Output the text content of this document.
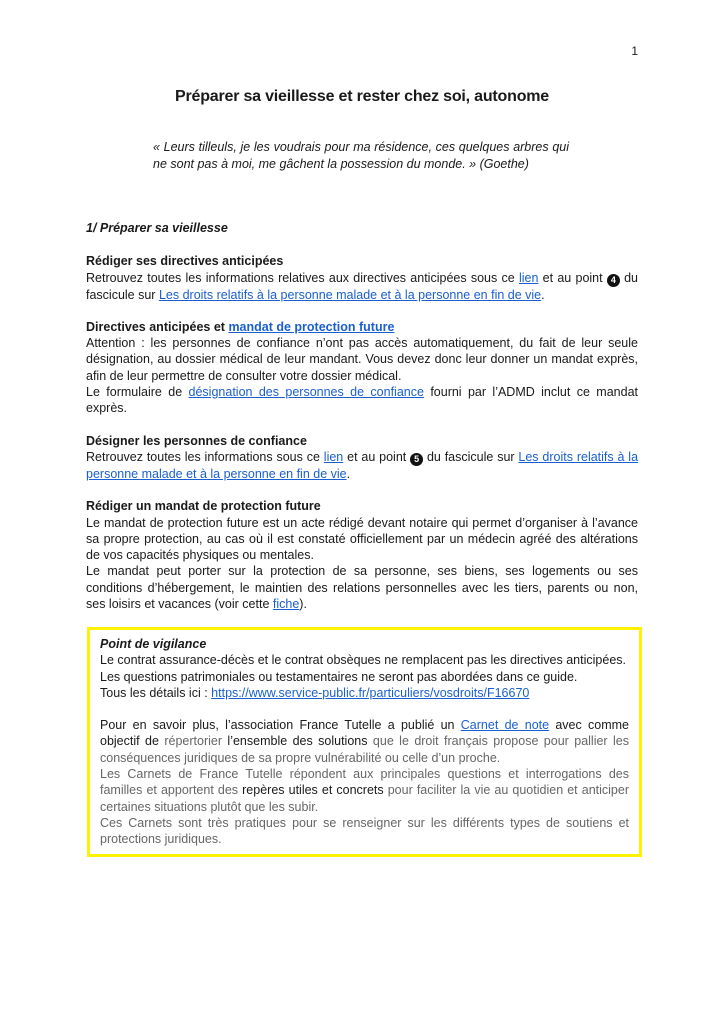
1
Préparer sa vieillesse et rester chez soi, autonome
« Leurs tilleuls, je les voudrais pour ma résidence, ces quelques arbres qui ne sont pas à moi, me gâchent la possession du monde. » (Goethe)

1/ Préparer sa vieillesse

Rédiger ses directives anticipées

Retrouvez toutes les informations relatives aux directives anticipées sous ce lien et au point 4 du fascicule sur Les droits relatifs à la personne malade et à la personne en fin de vie.

Directives anticipées et mandat de protection future

Attention : les personnes de confiance n’ont pas accès automatiquement, du fait de leur seule désignation, au dossier médical de leur mandant. Vous devez donc leur donner un mandat exprès, afin de leur permettre de consulter votre dossier médical.

Le formulaire de désignation des personnes de confiance fourni par l’ADMD inclut ce mandat exprès.

Désigner les personnes de confiance

Retrouvez toutes les informations sous ce lien et au point 5 du fascicule sur Les droits relatifs à la personne malade et à la personne en fin de vie.

Rédiger un mandat de protection future

Le mandat de protection future est un acte rédigé devant notaire qui permet d’organiser à l’avance sa propre protection, au cas où il est constaté officiellement par un médecin agréé des altérations de vos capacités physiques ou mentales.

Le mandat peut porter sur la protection de sa personne, ses biens, ses logements ou ses conditions d’hébergement, le maintien des relations personnelles avec les tiers, parents ou non, ses loisirs et vacances (voir cette fiche).

Point de vigilance

Le contrat assurance-décès et le contrat obsèques ne remplacent pas les directives anticipées.

Les questions patrimoniales ou testamentaires ne seront pas abordées dans ce guide.

Tous les détails ici : https://www.service-public.fr/particuliers/vosdroits/F16670

Pour en savoir plus, l’association France Tutelle a publié un Carnet de note avec comme objectif de répertorier l’ensemble des solutions que le droit français propose pour pallier les conséquences juridiques de sa propre vulnérabilité ou celle d’un proche.

Les Carnets de France Tutelle répondent aux principales questions et interrogations des familles et apportent des repères utiles et concrets pour faciliter la vie au quotidien et anticiper certaines situations plutôt que les subir.

Ces Carnets sont très pratiques pour se renseigner sur les différents types de soutiens et protections juridiques.
